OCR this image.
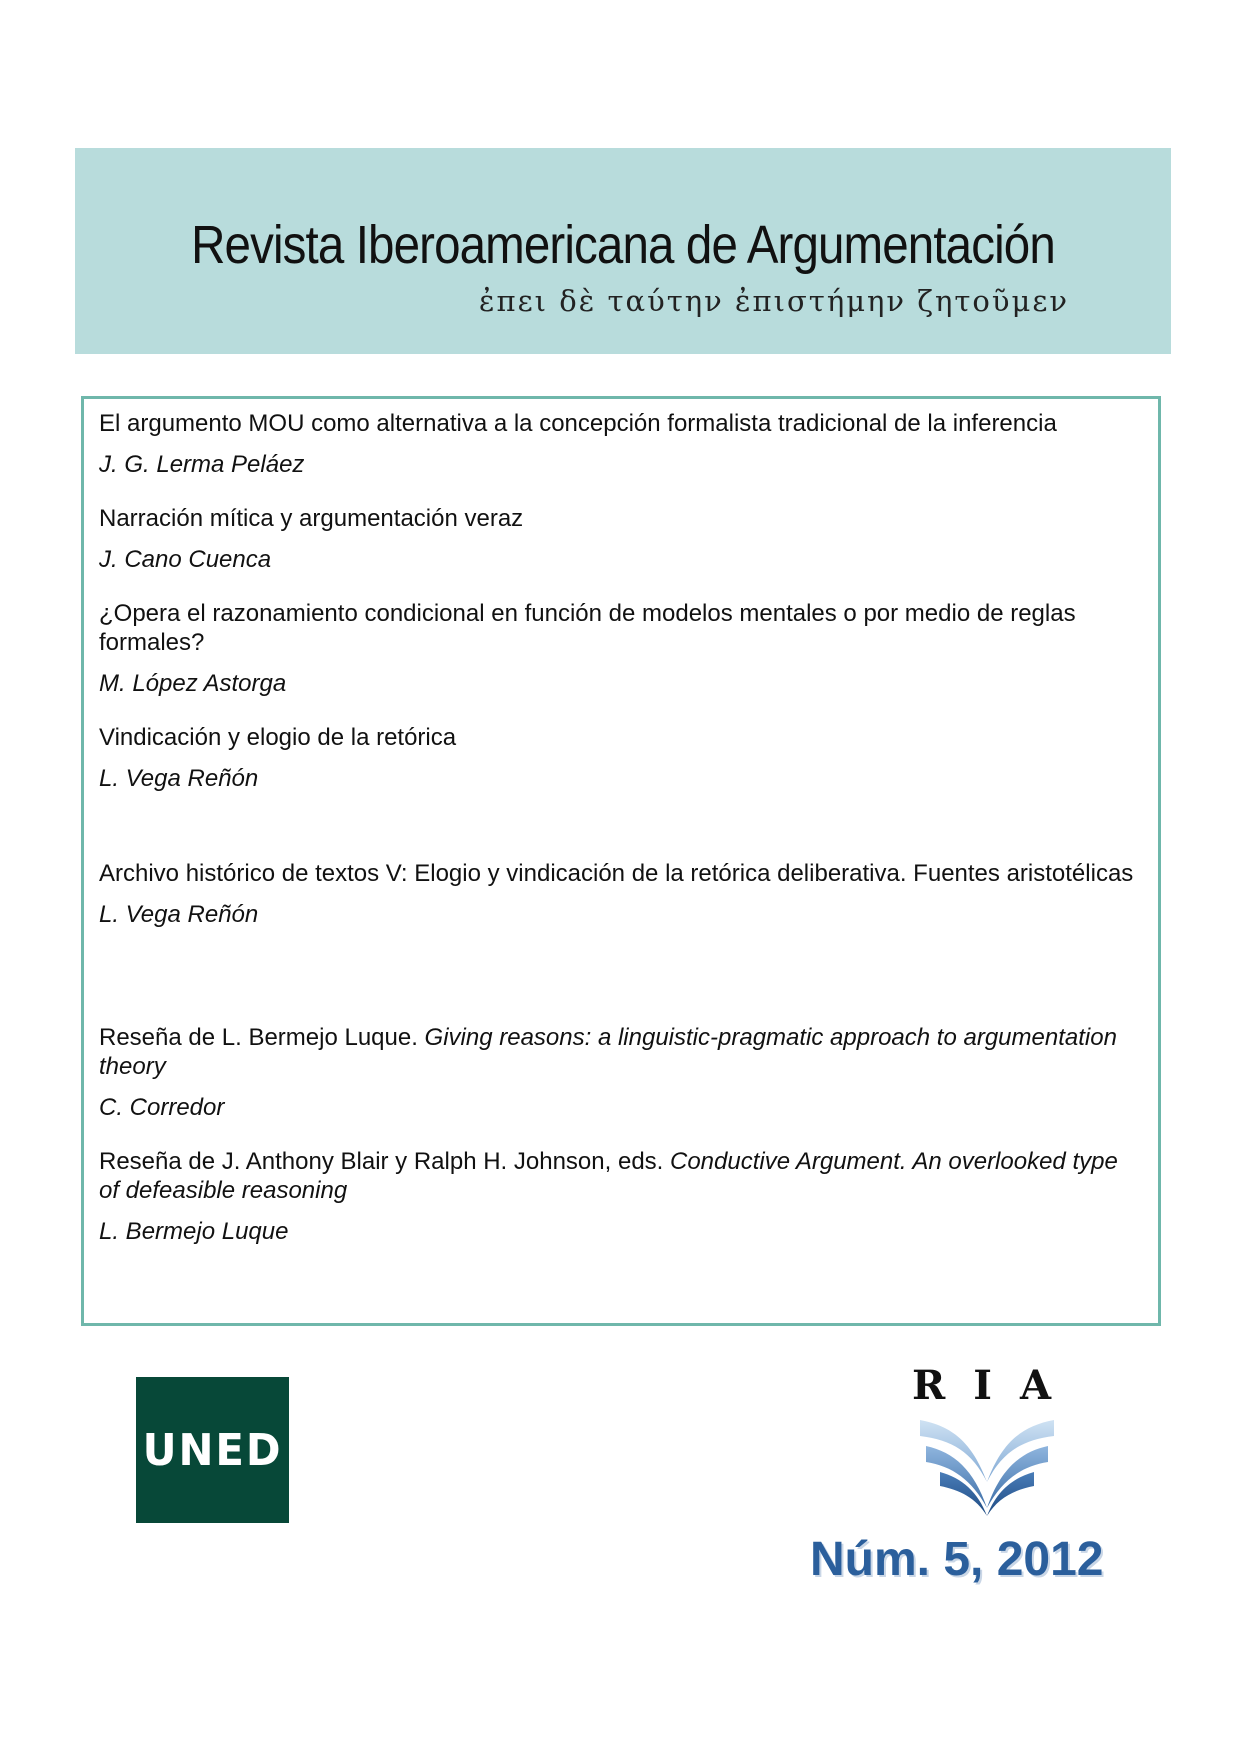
Revista Iberoamericana de Argumentación
ἐπει δὲ ταύτην ἐπιστήμην ζητοῦμεν
El argumento MOU como alternativa a la concepción formalista tradicional de la inferencia
J. G. Lerma Peláez
Narración mítica y argumentación veraz
J. Cano Cuenca
¿Opera el razonamiento condicional en función de modelos mentales o por medio de reglas formales?
M. López Astorga
Vindicación y elogio de la retórica
L. Vega Reñón
Archivo histórico de textos V: Elogio y vindicación de la retórica deliberativa. Fuentes aristotélicas
L. Vega Reñón
Reseña de L. Bermejo Luque. Giving reasons: a linguistic-pragmatic approach to argumentation theory
C. Corredor
Reseña de J. Anthony Blair y Ralph H. Johnson, eds. Conductive Argument. An overlooked type of defeasible reasoning
L. Bermejo Luque
UNED
RIA
Núm. 5, 2012
